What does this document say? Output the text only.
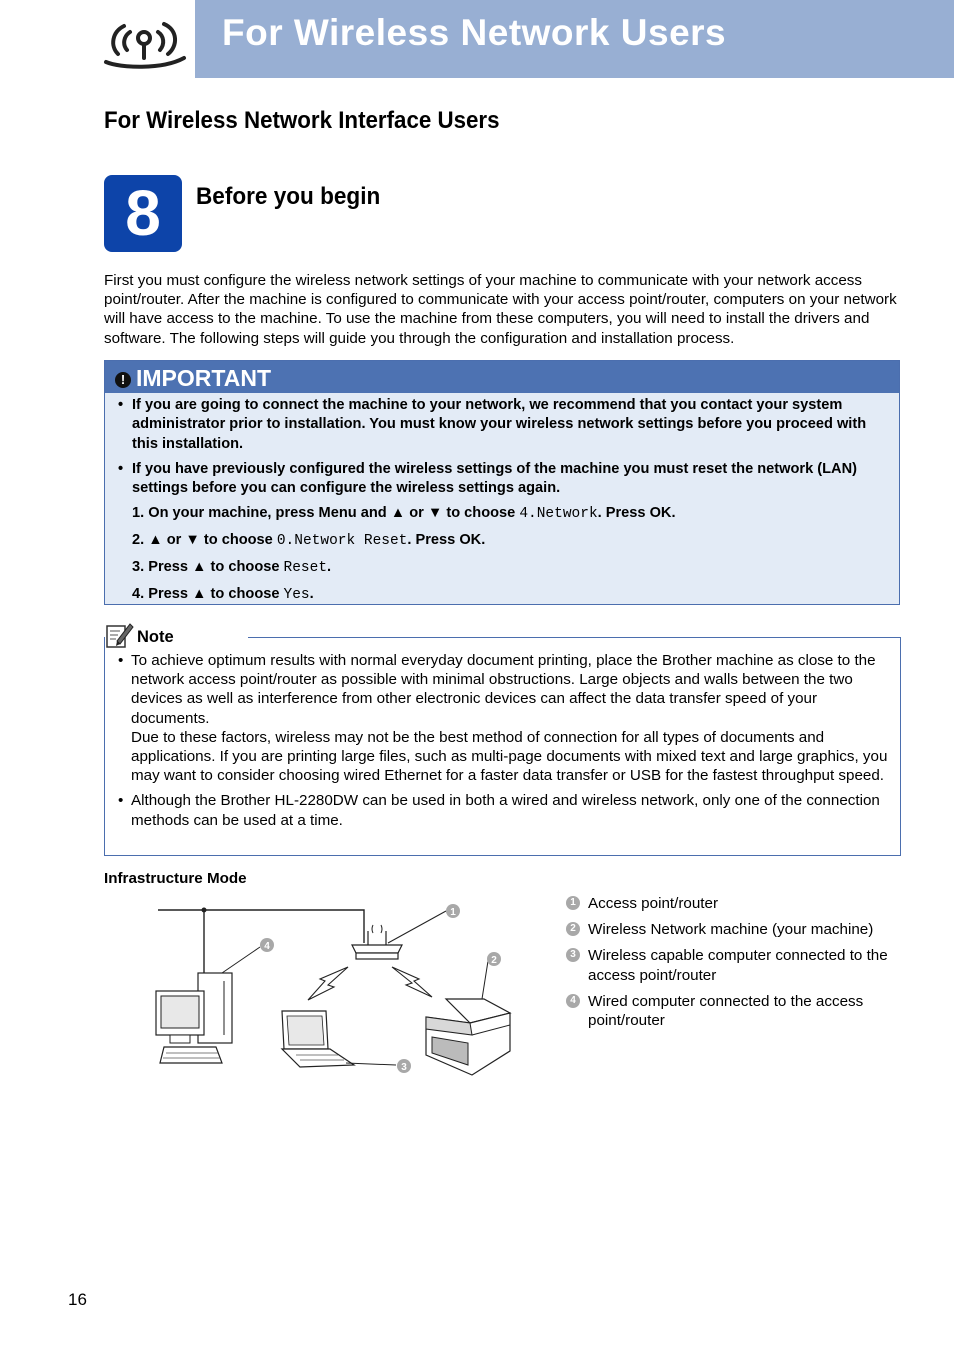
For Wireless Network Users
For Wireless Network Interface Users
8	Before you begin

First you must configure the wireless network settings of your machine to communicate with your network access point/router. After the machine is configured to communicate with your access point/router, computers on your network will have access to the machine. To use the machine from these computers, you will need to install the drivers and software. The following steps will guide you through the configuration and installation process.

! IMPORTANT
• If you are going to connect the machine to your network, we recommend that you contact your system administrator prior to installation. You must know your wireless network settings before you proceed with this installation.
• If you have previously configured the wireless settings of the machine you must reset the network (LAN) settings before you can configure the wireless settings again.
1. On your machine, press Menu and ▲ or ▼ to choose 4.Network. Press OK.
2. ▲ or ▼ to choose 0.Network Reset. Press OK.
3. Press ▲ to choose Reset.
4. Press ▲ to choose Yes.
Note
• To achieve optimum results with normal everyday document printing, place the Brother machine as close to the network access point/router as possible with minimal obstructions. Large objects and walls between the two devices as well as interference from other electronic devices can affect the data transfer speed of your documents.
Due to these factors, wireless may not be the best method of connection for all types of documents and applications. If you are printing large files, such as multi-page documents with mixed text and large graphics, you may want to consider choosing wired Ethernet for a faster data transfer or USB for the fastest throughput speed.
• Although the Brother HL-2280DW can be used in both a wired and wireless network, only one of the connection methods can be used at a time.
Infrastructure Mode
1
2
3
4
1 Access point/router
2 Wireless Network machine (your machine)
3 Wireless capable computer connected to the access point/router
4 Wired computer connected to the access point/router
16
